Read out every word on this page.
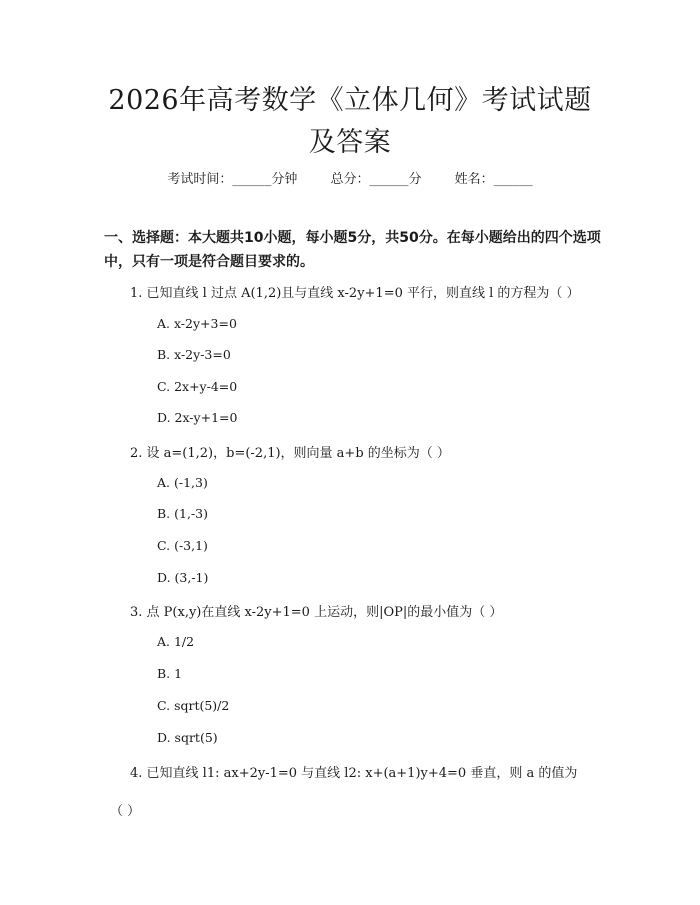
2026年高考数学《立体几何》考试试题及答案
考试时间：______分钟	总分：______分	姓名：______
一、选择题：本大题共10小题，每小题5分，共50分。在每小题给出的四个选项中，只有一项是符合题目要求的。
1. 已知直线 l 过点 A(1,2)且与直线 x-2y+1=0 平行，则直线 l 的方程为（ ）
A. x-2y+3=0
B. x-2y-3=0
C. 2x+y-4=0
D. 2x-y+1=0
2. 设 a=(1,2)，b=(-2,1)，则向量 a+b 的坐标为（ ）
A. (-1,3)
B. (1,-3)
C. (-3,1)
D. (3,-1)
3. 点 P(x,y)在直线 x-2y+1=0 上运动，则|OP|的最小值为（ ）
A. 1/2
B. 1
C. sqrt(5)/2
D. sqrt(5)
4. 已知直线 l1: ax+2y-1=0 与直线 l2: x+(a+1)y+4=0 垂直，则 a 的值为
（ ）
